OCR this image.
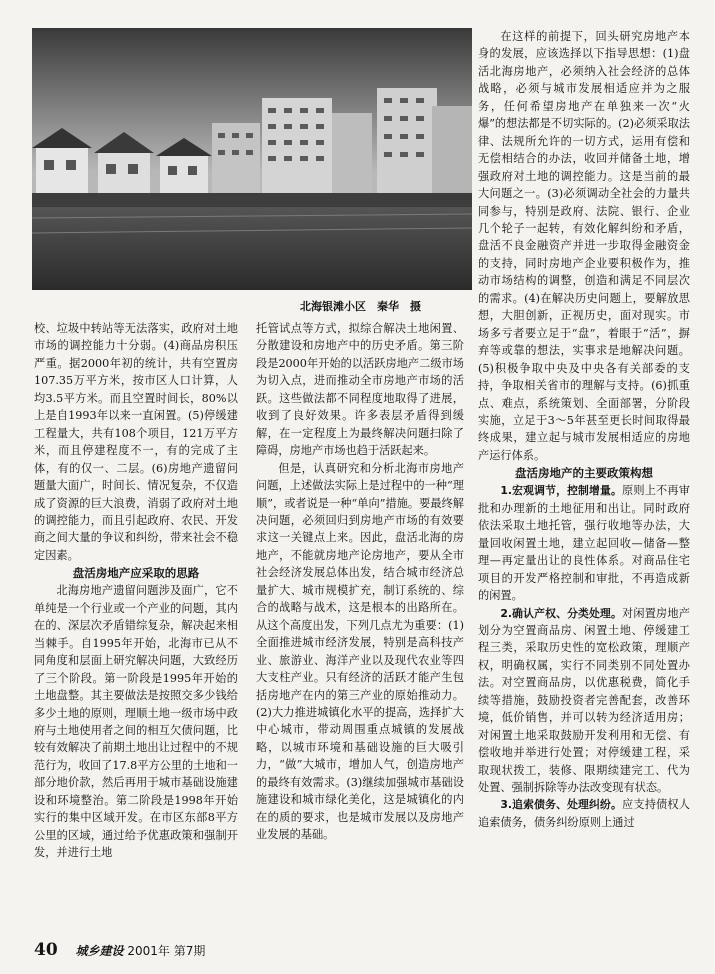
北海银滩小区　秦华　摄

校、垃圾中转站等无法落实，政府对土地市场的调控能力十分弱。(4)商品房积压严重。据2000年初的统计，共有空置房107.35万平方米，按市区人口计算，人均3.5平方米。而且空置时间长，80%以上是自1993年以来一直闲置。(5)停缓建工程量大，共有108个项目，121万平方米，而且停建程度不一，有的完成了主体，有的仅一、二层。(6)房地产遗留问题量大面广，时间长、情况复杂，不仅造成了资源的巨大浪费，消弱了政府对土地的调控能力，而且引起政府、农民、开发商之间大量的争议和纠纷，带来社会不稳定因素。

盘活房地产应采取的思路

北海房地产遗留问题涉及面广，它不单纯是一个行业或一个产业的问题，其内在的、深层次矛盾错综复杂，解决起来相当棘手。自1995年开始，北海市已从不同角度和层面上研究解决问题，大致经历了三个阶段。第一阶段是1995年开始的土地盘整。其主要做法是按照交多少钱给多少土地的原则，理顺土地一级市场中政府与土地使用者之间的相互欠债问题，比较有效解决了前期土地出让过程中的不规范行为，收回了17.8平方公里的土地和一部分地价款，然后再用于城市基础设施建设和环境整治。第二阶段是1998年开始实行的集中区域开发。在市区东部8平方公里的区域，通过给予优惠政策和强制开发，并进行土地

托管试点等方式，拟综合解决土地闲置、分散建设和房地产中的历史矛盾。第三阶段是2000年开始的以活跃房地产二级市场为切入点，进而推动全市房地产市场的活跃。这些做法都不同程度地取得了进展，收到了良好效果。许多表层矛盾得到缓解，在一定程度上为最终解决问题扫除了障碍，房地产市场也趋于活跃起来。

但是，认真研究和分析北海市房地产问题，上述做法实际上是过程中的一种“理顺”，或者说是一种“单向”措施。要最终解决问题，必须回归到房地产市场的有效要求这一关键点上来。因此，盘活北海的房地产，不能就房地产论房地产，要从全市社会经济发展总体出发，结合城市经济总量扩大、城市规模扩充，制订系统的、综合的战略与战术，这是根本的出路所在。从这个高度出发，下列几点尤为重要：(1)全面推进城市经济发展，特别是高科技产业、旅游业、海洋产业以及现代农业等四大支柱产业。只有经济的活跃才能产生包括房地产在内的第三产业的原始推动力。(2)大力推进城镇化水平的提高，选择扩大中心城市，带动周围重点城镇的发展战略，以城市环境和基础设施的巨大吸引力，“做”大城市，增加人气，创造房地产的最终有效需求。(3)继续加强城市基础设施建设和城市绿化美化，这是城镇化的内在的质的要求，也是城市发展以及房地产业发展的基础。

在这样的前提下，回头研究房地产本身的发展，应该选择以下指导思想：(1)盘活北海房地产，必须纳入社会经济的总体战略，必须与城市发展相适应并为之服务，任何希望房地产在单独来一次“火爆”的想法都是不切实际的。(2)必须采取法律、法规所允许的一切方式，运用有偿和无偿相结合的办法，收回并储备土地，增强政府对土地的调控能力。这是当前的最大问题之一。(3)必须调动全社会的力量共同参与，特别是政府、法院、银行、企业几个轮子一起转，有效化解纠纷和矛盾，盘活不良金融资产并进一步取得金融资金的支持，同时房地产企业要积极作为，推动市场结构的调整，创造和满足不同层次的需求。(4)在解决历史问题上，要解放思想，大胆创新，正视历史，面对现实。市场多亏者要立足于“盘”，着眼于“活”，摒弃等或靠的想法，实事求是地解决问题。(5)积极争取中央及中央各有关部委的支持，争取相关省市的理解与支持。(6)抓重点、难点，系统策划、全面部署，分阶段实施，立足于3～5年甚至更长时间取得最终成果，建立起与城市发展相适应的房地产运行体系。

盘活房地产的主要政策构想

1.宏观调节，控制增量。原则上不再审批和办理新的土地征用和出让。同时政府依法采取土地托管，强行收地等办法，大量回收闲置土地，建立起回收—储备—整理—再定量出让的良性体系。对商品住宅项目的开发严格控制和审批，不再造成新的闲置。

2.确认产权、分类处理。对闲置房地产划分为空置商品房、闲置土地、停缓建工程三类，采取历史性的宽松政策，理顺产权，明确权属，实行不同类别不同处置办法。对空置商品房，以优惠税费，简化手续等措施，鼓励投资者完善配套，改善环境，低价销售，并可以转为经济适用房；对闲置土地采取鼓励开发利用和无偿、有偿收地并举进行处置；对停缓建工程，采取现状拨工，装修、限期续建完工、代为处置、强制拆除等办法改变现有状态。

3.追索债务、处理纠纷。应支持债权人追索债务，债务纠纷原则上通过

40 城乡建设 2001年 第7期
